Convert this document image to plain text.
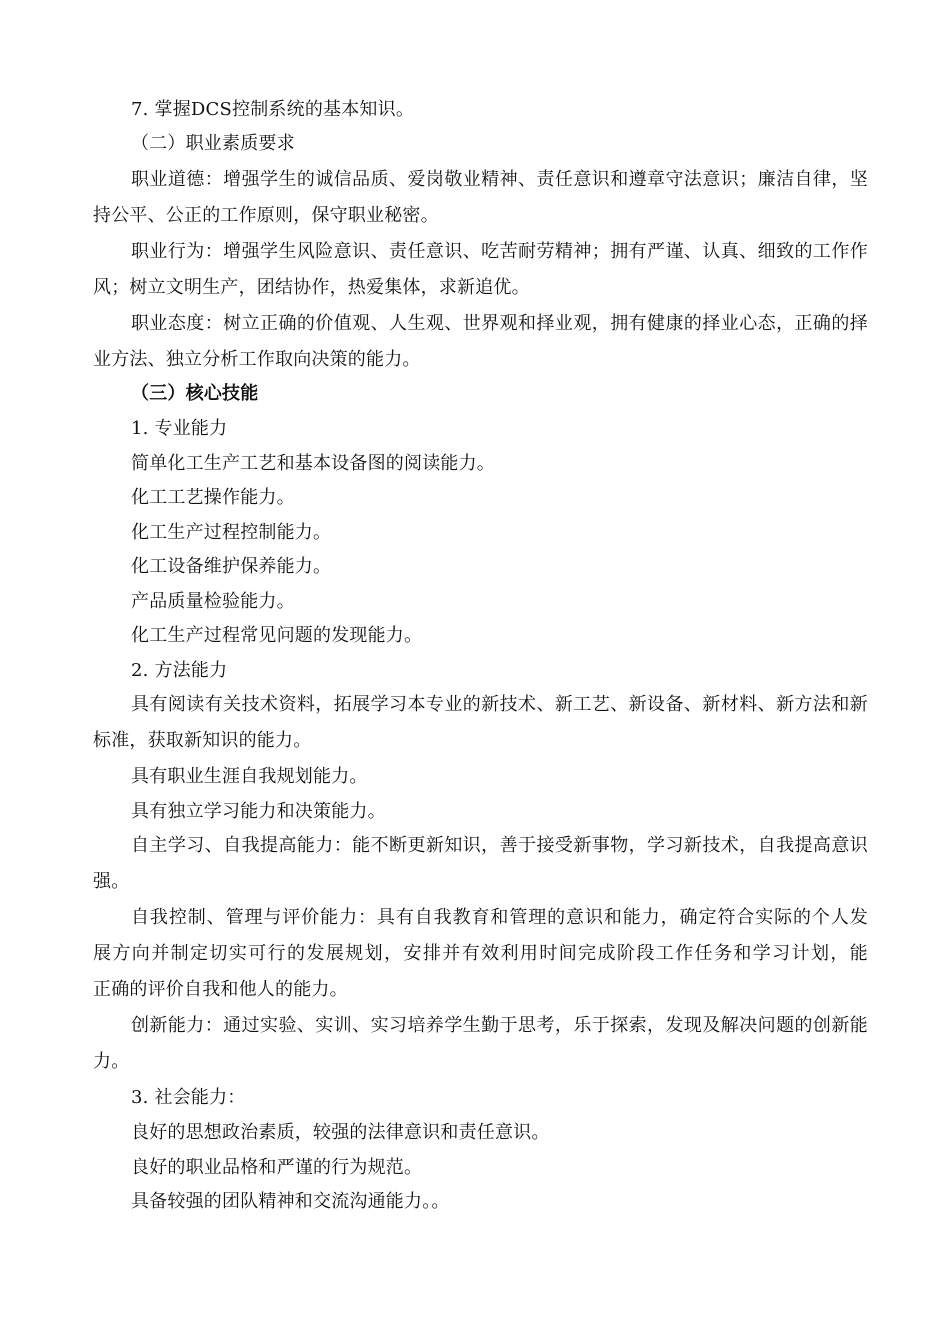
7. 掌握DCS控制系统的基本知识。
（二）职业素质要求
职业道德：增强学生的诚信品质、爱岗敬业精神、责任意识和遵章守法意识；廉洁自律，坚
持公平、公正的工作原则，保守职业秘密。
职业行为：增强学生风险意识、责任意识、吃苦耐劳精神；拥有严谨、认真、细致的工作作
风；树立文明生产，团结协作，热爱集体，求新追优。
职业态度：树立正确的价值观、人生观、世界观和择业观，拥有健康的择业心态，正确的择
业方法、独立分析工作取向决策的能力。
（三）核心技能
1. 专业能力
简单化工生产工艺和基本设备图的阅读能力。
化工工艺操作能力。
化工生产过程控制能力。
化工设备维护保养能力。
产品质量检验能力。
化工生产过程常见问题的发现能力。
2. 方法能力
具有阅读有关技术资料，拓展学习本专业的新技术、新工艺、新设备、新材料、新方法和新
标准，获取新知识的能力。
具有职业生涯自我规划能力。
具有独立学习能力和决策能力。
自主学习、自我提高能力：能不断更新知识，善于接受新事物，学习新技术，自我提高意识
强。
自我控制、管理与评价能力：具有自我教育和管理的意识和能力，确定符合实际的个人发
展方向并制定切实可行的发展规划，安排并有效利用时间完成阶段工作任务和学习计划，能
正确的评价自我和他人的能力。
创新能力：通过实验、实训、实习培养学生勤于思考，乐于探索，发现及解决问题的创新能
力。
3. 社会能力：
良好的思想政治素质，较强的法律意识和责任意识。
良好的职业品格和严谨的行为规范。
具备较强的团队精神和交流沟通能力。。
